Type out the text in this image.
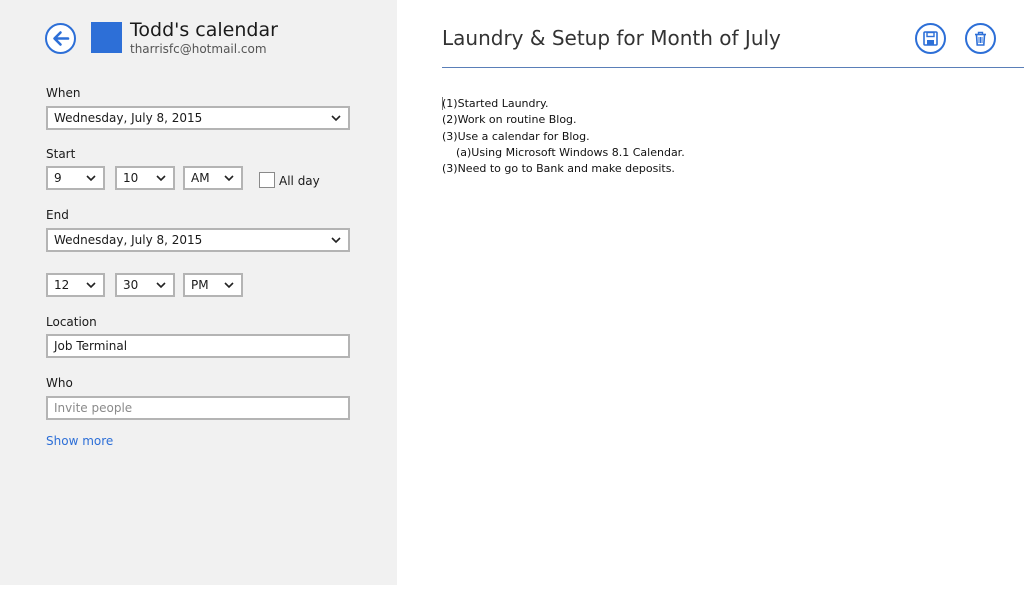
Todd's calendar
tharrisfc@hotmail.com
When
Wednesday, July 8, 2015
Start
9	10	AM	All day
End
Wednesday, July 8, 2015
12	30	PM
Location
Job Terminal
Who
Invite people
Show more
Laundry & Setup for Month of July
(1)Started Laundry.
(2)Work on routine Blog.
(3)Use a calendar for Blog.
(a)Using Microsoft Windows 8.1 Calendar.
(3)Need to go to Bank and make deposits.
